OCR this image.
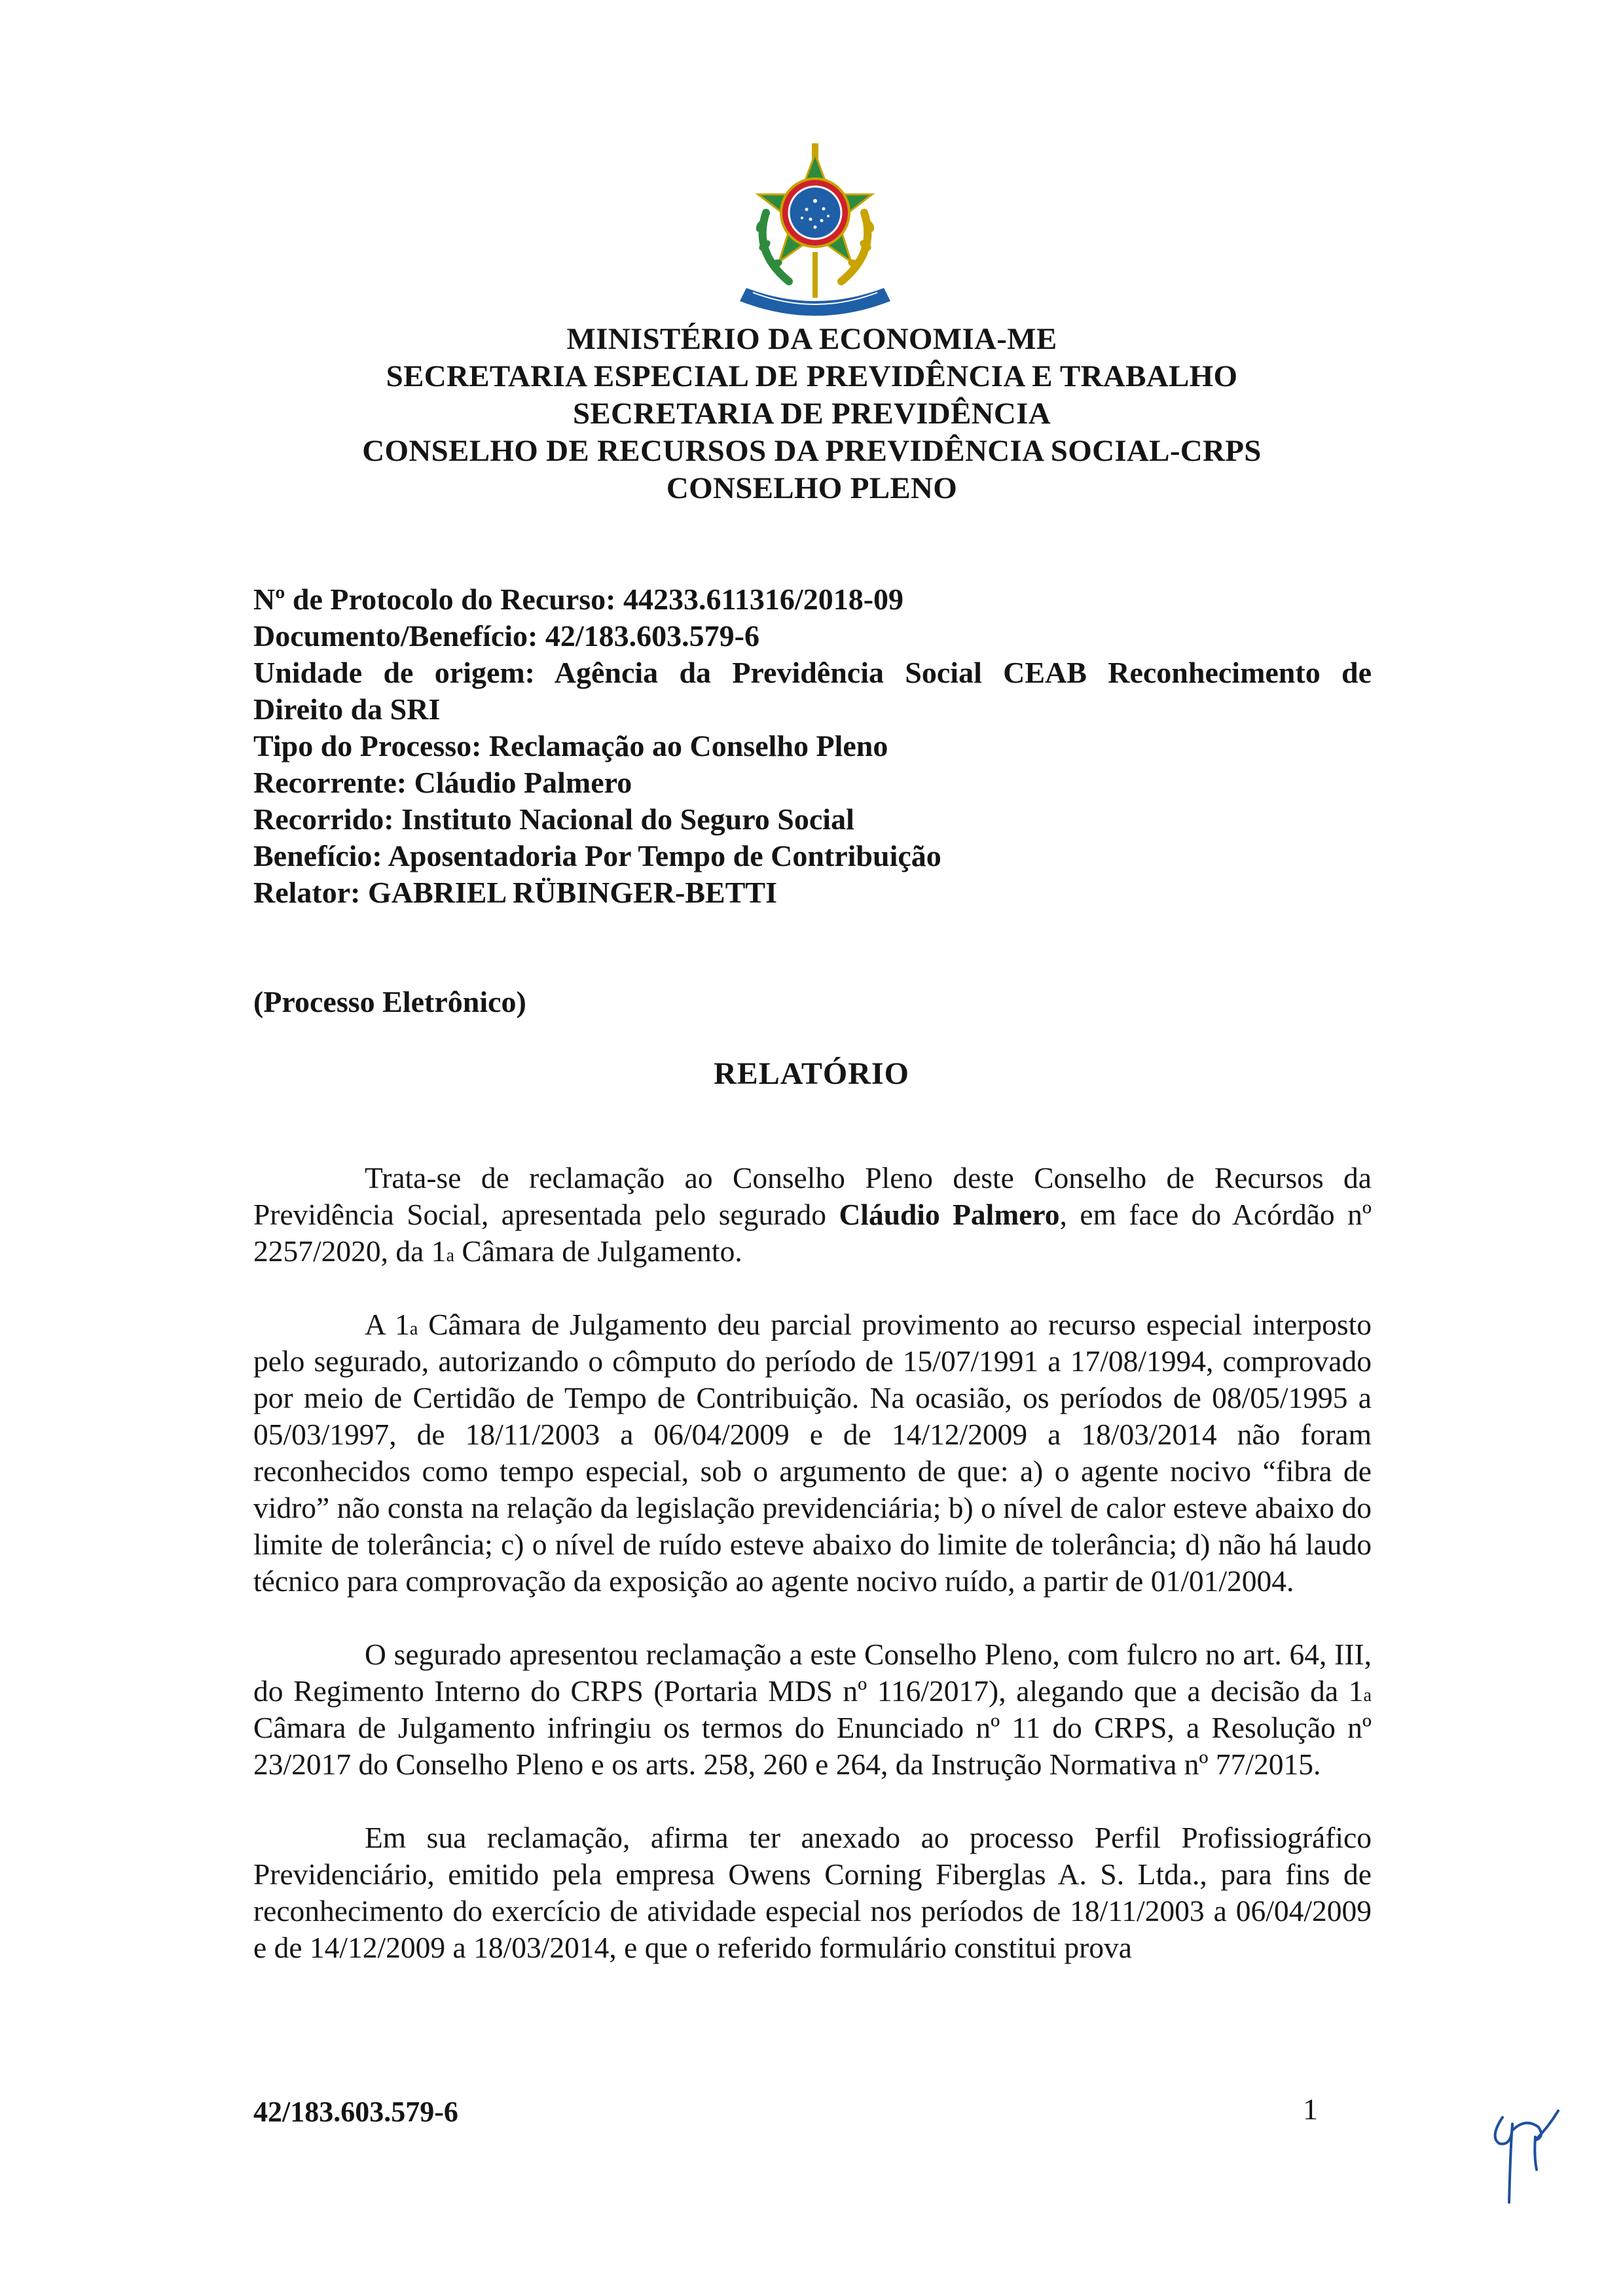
MINISTÉRIO DA ECONOMIA-ME
SECRETARIA ESPECIAL DE PREVIDÊNCIA E TRABALHO
SECRETARIA DE PREVIDÊNCIA
CONSELHO DE RECURSOS DA PREVIDÊNCIA SOCIAL-CRPS
CONSELHO PLENO
Nº de Protocolo do Recurso: 44233.611316/2018-09
Documento/Benefício: 42/183.603.579-6
Unidade de origem: Agência da Previdência Social CEAB Reconhecimento de
Direito da SRI
Tipo do Processo: Reclamação ao Conselho Pleno
Recorrente: Cláudio Palmero
Recorrido: Instituto Nacional do Seguro Social
Benefício: Aposentadoria Por Tempo de Contribuição
Relator: GABRIEL RÜBINGER-BETTI
(Processo Eletrônico)
RELATÓRIO

Trata-se de reclamação ao Conselho Pleno deste Conselho de Recursos da Previdência Social, apresentada pelo segurado Cláudio Palmero, em face do Acórdão nº 2257/2020, da 1$^a$ Câmara de Julgamento.

A 1$^a$ Câmara de Julgamento deu parcial provimento ao recurso especial interposto pelo segurado, autorizando o cômputo do período de 15/07/1991 a 17/08/1994, comprovado por meio de Certidão de Tempo de Contribuição. Na ocasião, os períodos de 08/05/1995 a 05/03/1997, de 18/11/2003 a 06/04/2009 e de 14/12/2009 a 18/03/2014 não foram reconhecidos como tempo especial, sob o argumento de que: a) o agente nocivo “fibra de vidro” não consta na relação da legislação previdenciária; b) o nível de calor esteve abaixo do limite de tolerância; c) o nível de ruído esteve abaixo do limite de tolerância; d) não há laudo técnico para comprovação da exposição ao agente nocivo ruído, a partir de 01/01/2004.

O segurado apresentou reclamação a este Conselho Pleno, com fulcro no art. 64, III, do Regimento Interno do CRPS (Portaria MDS nº 116/2017), alegando que a decisão da 1$^a$ Câmara de Julgamento infringiu os termos do Enunciado nº 11 do CRPS, a Resolução nº 23/2017 do Conselho Pleno e os arts. 258, 260 e 264, da Instrução Normativa nº 77/2015.

Em sua reclamação, afirma ter anexado ao processo Perfil Profissiográfico Previdenciário, emitido pela empresa Owens Corning Fiberglas A. S. Ltda., para fins de reconhecimento do exercício de atividade especial nos períodos de 18/11/2003 a 06/04/2009 e de 14/12/2009 a 18/03/2014, e que o referido formulário constitui prova

42/183.603.579-6	1
